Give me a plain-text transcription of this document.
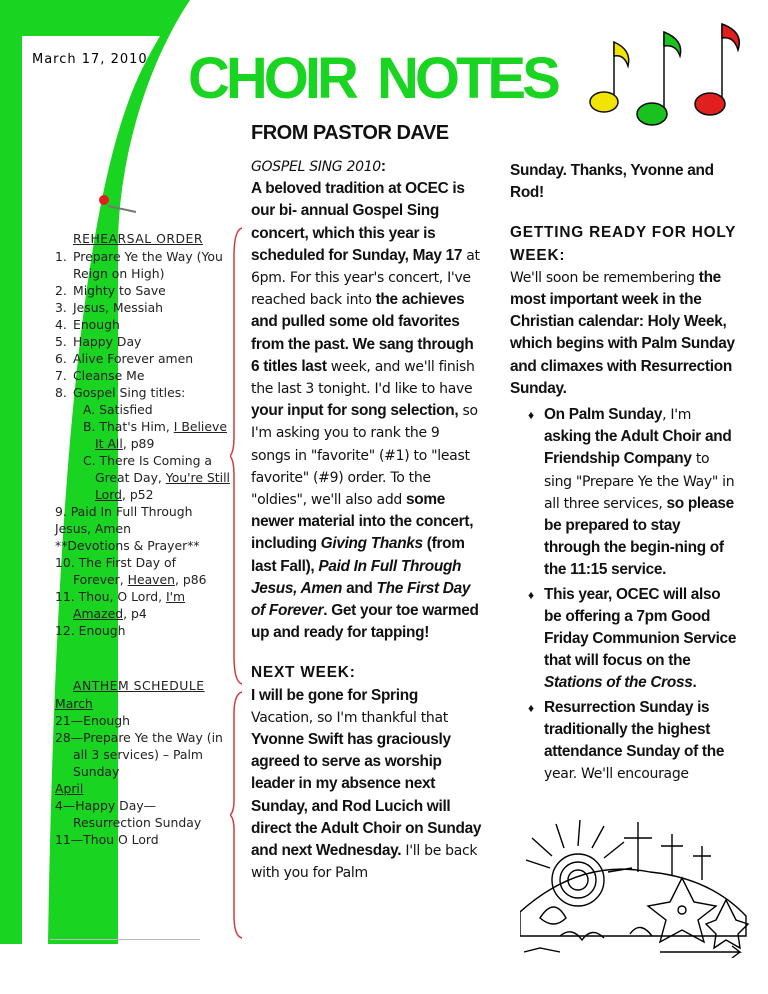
March 17, 2010 CHOIR NOTES
FROM PASTOR DAVE
REHEARSAL ORDER
1. Prepare Ye the Way (You Reign on High)
2. Mighty to Save
3. Jesus, Messiah
4. Enough
5. Happy Day
6. Alive Forever amen
7. Cleanse Me
8. Gospel Sing titles:
A. Satisfied
B. That's Him, I Believe It All, p89
C. There Is Coming a Great Day, You're Still Lord, p52
9. Paid In Full Through Jesus, Amen
**Devotions & Prayer**
10. The First Day of Forever, Heaven, p86
11. Thou, O Lord, I'm Amazed, p4
12. Enough
ANTHEM SCHEDULE
March
21—Enough
28—Prepare Ye the Way (in all 3 services) – Palm Sunday
April
4—Happy Day—Resurrection Sunday
11—Thou O Lord
GOSPEL SING 2010:
A beloved tradition at OCEC is our bi- annual Gospel Sing concert, which this year is scheduled for Sunday, May 17 at 6pm. For this year's concert, I've reached back into the achieves and pulled some old favorites from the past. We sang through 6 titles last week, and we'll finish the last 3 tonight. I'd like to have your input for song selection, so I'm asking you to rank the 9 songs in "favorite" (#1) to "least favorite" (#9) order. To the "oldies", we'll also add some newer material into the concert, including Giving Thanks (from last Fall), Paid In Full Through Jesus, Amen and The First Day of Forever. Get your toe warmed up and ready for tapping!
NEXT WEEK:
I will be gone for Spring Vacation, so I'm thankful that Yvonne Swift has graciously agreed to serve as worship leader in my absence next Sunday, and Rod Lucich will direct the Adult Choir on Sunday and next Wednesday. I'll be back with you for Palm
Sunday. Thanks, Yvonne and Rod!
GETTING READY FOR HOLY WEEK:
We'll soon be remembering the most important week in the Christian calendar: Holy Week, which begins with Palm Sunday and climaxes with Resurrection Sunday.
♦ On Palm Sunday, I'm asking the Adult Choir and Friendship Company to sing "Prepare Ye the Way" in all three services, so please be prepared to stay through the begin-ning of the 11:15 service.
♦ This year, OCEC will also be offering a 7pm Good Friday Communion Service that will focus on the Stations of the Cross.
♦ Resurrection Sunday is traditionally the highest attendance Sunday of the year. We'll encourage
